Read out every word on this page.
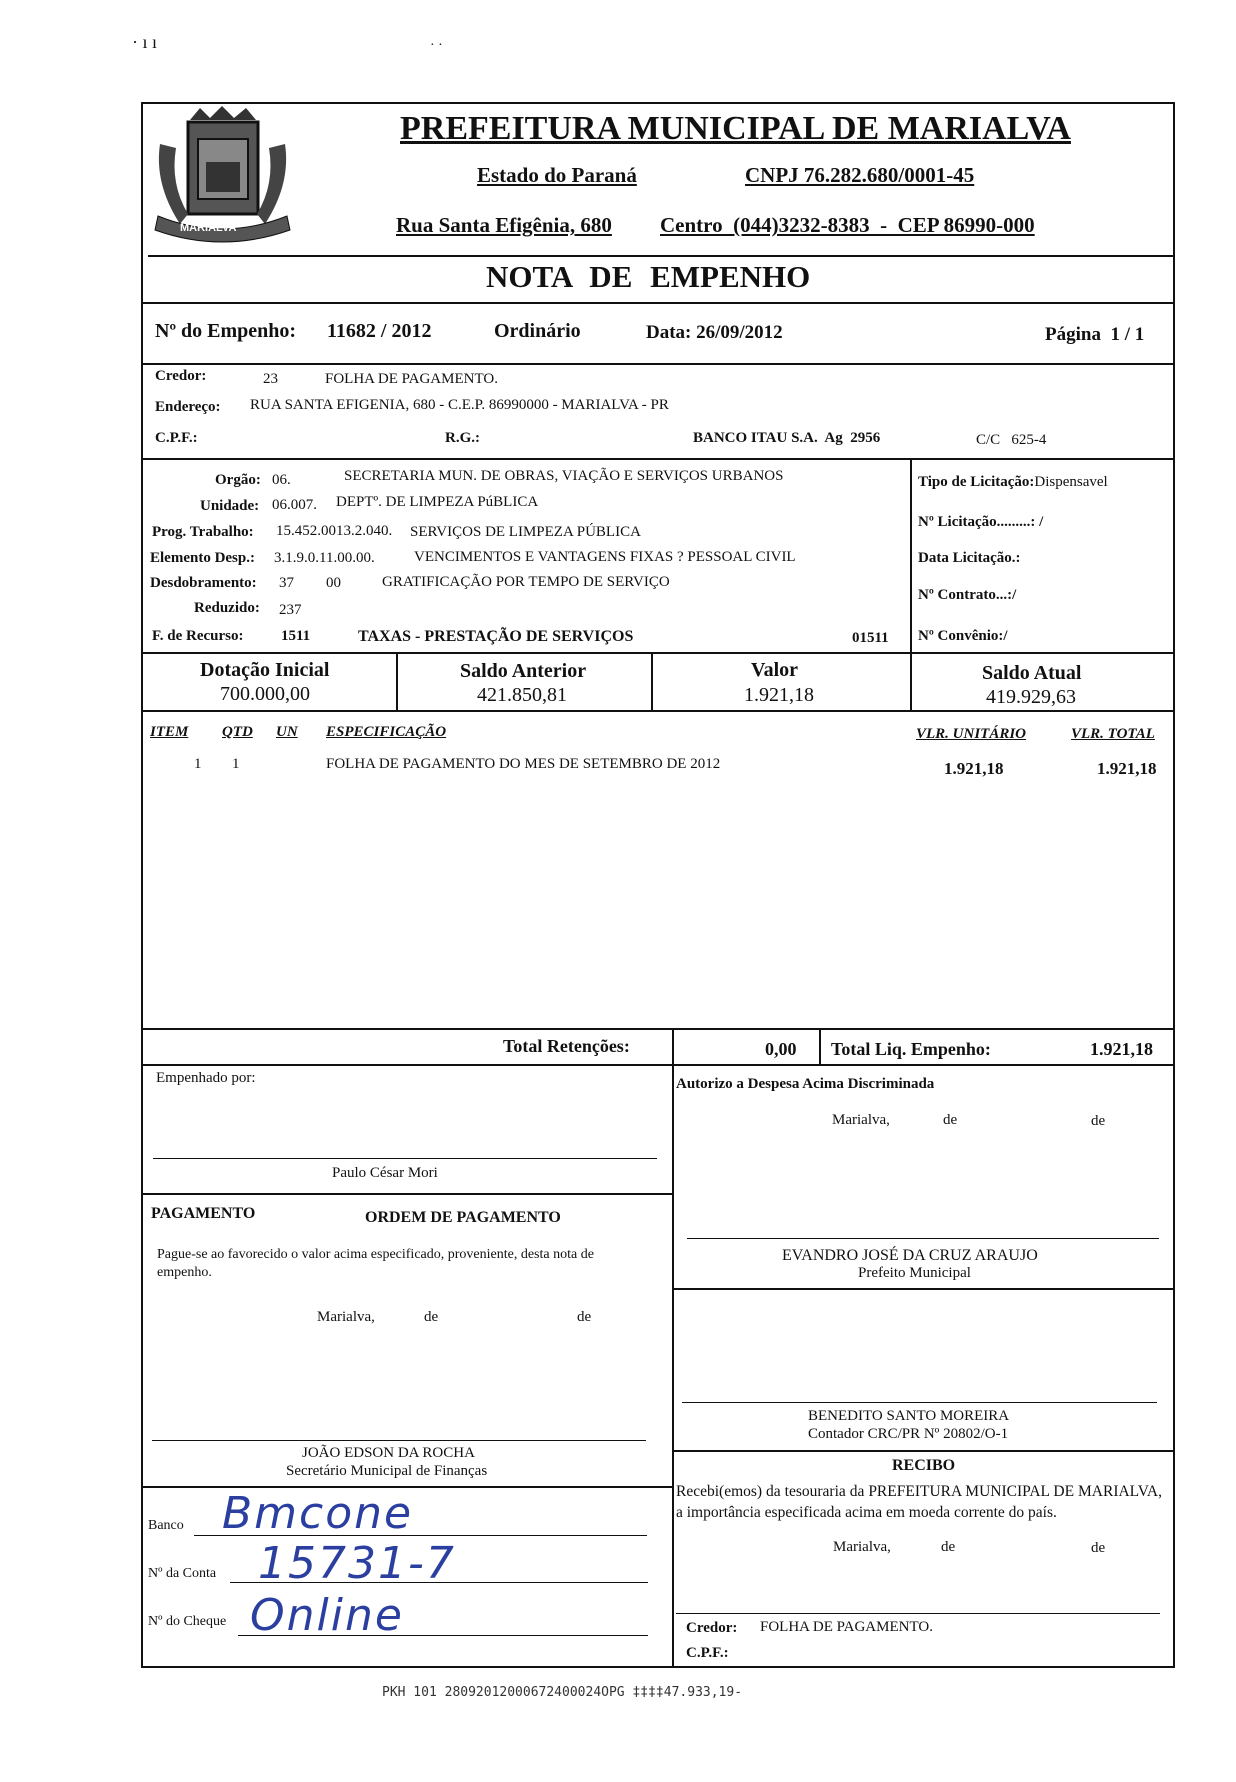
· ı ı	· ·
MARIALVA
PREFEITURA MUNICIPAL DE MARIALVA
Estado do Paraná	CNPJ 76.282.680/0001-45
Rua Santa Efigênia, 680 Centro  (044)3232-8383  -  CEP 86990-000
NOTA DE EMPENHO
Nº do Empenho: 11682 / 2012	Ordinário	Data: 26/09/2012	Página  1 / 1
Credor:	23	FOLHA DE PAGAMENTO.
Endereço: RUA SANTA EFIGENIA, 680 - C.E.P. 86990000 - MARIALVA - PR
C.P.F.:	R.G.:	BANCO ITAU S.A.  Ag  2956	C/C   625-4
Orgão: 06.	SECRETARIA MUN. DE OBRAS, VIAÇÃO E SERVIÇOS URBANOS
Unidade: 06.007. DEPTº. DE LIMPEZA PúBLICA
Prog. Trabalho: 15.452.0013.2.040. SERVIÇOS DE LIMPEZA PÚBLICA
Elemento Desp.: 3.1.9.0.11.00.00.	VENCIMENTOS E VANTAGENS FIXAS ? PESSOAL CIVIL
Desdobramento: 37 00	GRATIFICAÇÃO POR TEMPO DE SERVIÇO
Reduzido: 237
F. de Recurso: 1511	TAXAS - PRESTAÇÃO DE SERVIÇOS	01511
Tipo de Licitação:Dispensavel
Nº Licitação.........: /
Data Licitação.:
Nº Contrato...:/
Nº Convênio:/
Dotação Inicial
700.000,00
Saldo Anterior
421.850,81
Valor
1.921,18
Saldo Atual
419.929,63
ITEM QTD UN ESPECIFICAÇÃO	VLR. UNITÁRIO	VLR. TOTAL
1 1	FOLHA DE PAGAMENTO DO MES DE SETEMBRO DE 2012	1.921,18	1.921,18
Total Retenções:	0,00 Total Liq. Empenho:	1.921,18
Empenhado por:
Paulo César Mori
Autorizo a Despesa Acima Discriminada
Marialva,	de	de
EVANDRO JOSÉ DA CRUZ ARAUJO
Prefeito Municipal
PAGAMENTO	ORDEM DE PAGAMENTO
Pague-se ao favorecido o valor acima especificado, proveniente, desta nota de empenho.
Marialva,	de	de
JOÃO EDSON DA ROCHA
Secretário Municipal de Finanças
BENEDITO SANTO MOREIRA
Contador CRC/PR Nº 20802/O-1
RECIBO
Recebi(emos) da tesouraria da PREFEITURA MUNICIPAL DE MARIALVA, a importância especificada acima em moeda corrente do país.
Marialva,	de	de
Credor: FOLHA DE PAGAMENTO.
C.P.F.:
Banco Bmcone
Nº da Conta 15731-7
Nº do Cheque Online
PKH 101 28092012000672400024OPG ‡‡‡‡47.933,19-
